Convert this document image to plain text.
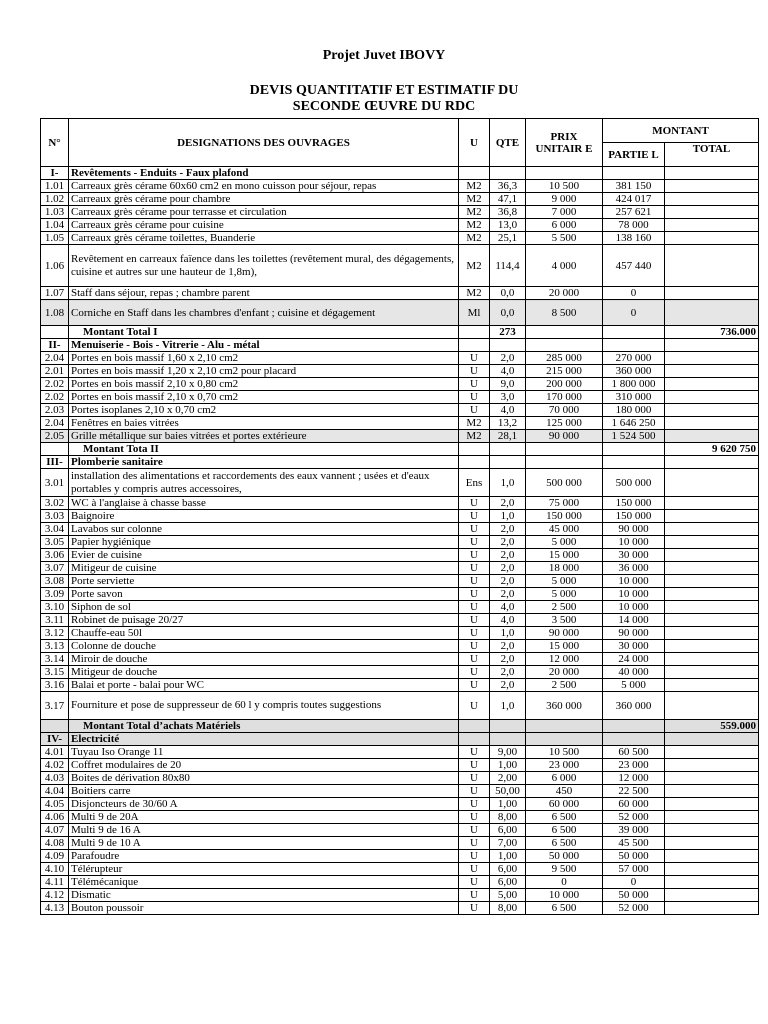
Projet Juvet IBOVY
DEVIS QUANTITATIF ET ESTIMATIF DU
SECONDE ŒUVRE DU RDC
N°	DESIGNATIONS DES OUVRAGES	U	QTE	PRIX UNITAIR E	MONTANT	
					PARTIE L	TOTAL
I-	Revêtements - Enduits - Faux plafond					
1.01	Carreaux grès cérame 60x60 cm2 en mono cuisson pour séjour, repas	M2	36,3	10 500	381 150	
1.02	Carreaux grès cérame pour chambre	M2	47,1	9 000	424 017	
1.03	Carreaux grès cérame pour terrasse et circulation	M2	36,8	7 000	257 621	
1.04	Carreaux grès cérame pour cuisine	M2	13,0	6 000	78 000	
1.05	Carreaux grès cérame toilettes, Buanderie	M2	25,1	5 500	138 160	
1.06	Revêtement en carreaux faïence dans les toilettes (revêtement mural, des dégagements, cuisine et autres sur une hauteur de 1,8m),	M2	114,4	4 000	457 440	
1.07	Staff dans séjour, repas ; chambre parent	M2	0,0	20 000	0	
1.08	Corniche en Staff dans les chambres d'enfant ; cuisine et dégagement	Ml	0,0	8 500	0	
	Montant Total I		273			736.000
II-	Menuiserie - Bois - Vitrerie - Alu - métal					
2.04	Portes en bois massif 1,60 x 2,10 cm2	U	2,0	285 000	270 000	
2.01	Portes en bois massif 1,20 x 2,10 cm2 pour placard	U	4,0	215 000	360 000	
2.02	Portes en bois massif 2,10 x 0,80 cm2	U	9,0	200 000	1 800 000	
2.02	Portes en bois massif 2,10 x 0,70 cm2	U	3,0	170 000	310 000	
2.03	Portes isoplanes 2,10 x 0,70 cm2	U	4,0	70 000	180 000	
2.04	Fenêtres en baies vitrées	M2	13,2	125 000	1 646 250	
2.05	Grille métallique sur baies vitrées et portes extérieure	M2	28,1	90 000	1 524 500	
	Montant Tota II					9 620 750
III-	Plomberie sanitaire					
3.01	installation des alimentations et raccordements des eaux vannent ; usées et d'eaux portables y compris autres accessoires,	Ens	1,0	500 000	500 000	
3.02	WC à l'anglaise à chasse basse	U	2,0	75 000	150 000	
3.03	Baignoire	U	1,0	150 000	150 000	
3.04	Lavabos sur colonne	U	2,0	45 000	90 000	
3.05	Papier hygiénique	U	2,0	5 000	10 000	
3.06	Evier de cuisine	U	2,0	15 000	30 000	
3.07	Mitigeur de cuisine	U	2,0	18 000	36 000	
3.08	Porte serviette	U	2,0	5 000	10 000	
3.09	Porte savon	U	2,0	5 000	10 000	
3.10	Siphon de sol	U	4,0	2 500	10 000	
3.11	Robinet de puisage 20/27	U	4,0	3 500	14 000	
3.12	Chauffe-eau 50l	U	1,0	90 000	90 000	
3.13	Colonne de douche	U	2,0	15 000	30 000	
3.14	Miroir de douche	U	2,0	12 000	24 000	
3.15	Mitigeur de douche	U	2,0	20 000	40 000	
3.16	Balai et porte - balai pour WC	U	2,0	2 500	5 000	
3.17	Fourniture et pose de suppresseur de 60 l y compris toutes suggestions	U	1,0	360 000	360 000	
	Montant Total d’achats Matériels					559.000
IV-	Electricité					
4.01	Tuyau Iso Orange 11	U	9,00	10 500	60 500	
4.02	Coffret modulaires de 20	U	1,00	23 000	23 000	
4.03	Boites de dérivation 80x80	U	2,00	6 000	12 000	
4.04	Boitiers carre	U	50,00	450	22 500	
4.05	Disjoncteurs de 30/60 A	U	1,00	60 000	60 000	
4.06	Multi 9 de 20A	U	8,00	6 500	52 000	
4.07	Multi 9 de 16 A	U	6,00	6 500	39 000	
4.08	Multi 9 de 10 A	U	7,00	6 500	45 500	
4.09	Parafoudre	U	1,00	50 000	50 000	
4.10	Télérupteur	U	6,00	9 500	57 000	
4.11	Télémécanique	U	6,00	0	0	
4.12	Dismatic	U	5,00	10 000	50 000	
4.13	Bouton poussoir	U	8,00	6 500	52 000	
